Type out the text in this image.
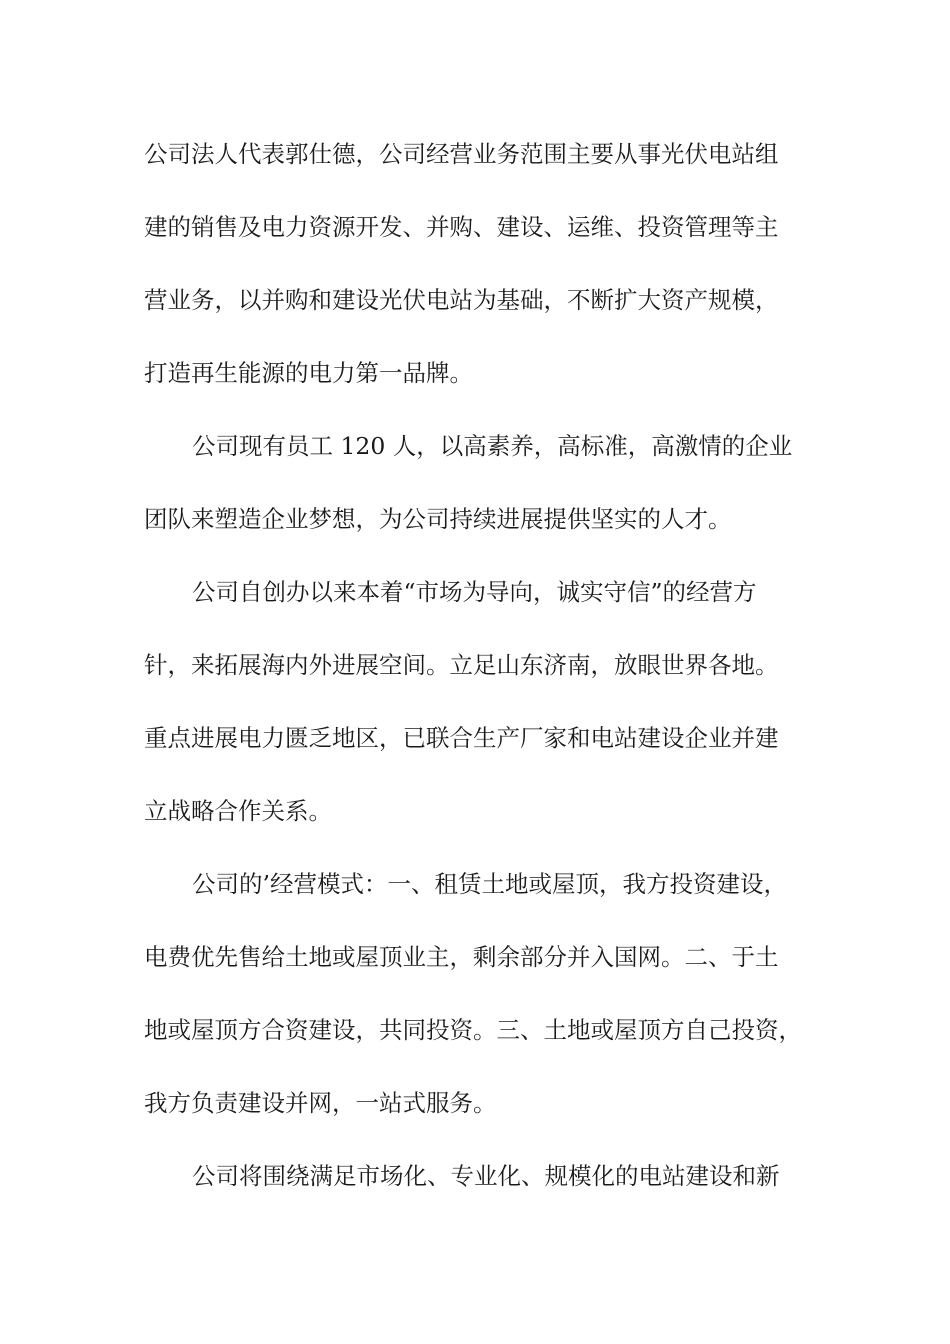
公司法人代表郭仕德，公司经营业务范围主要从事光伏电站组
建的销售及电力资源开发、并购、建设、运维、投资管理等主
营业务，以并购和建设光伏电站为基础，不断扩大资产规模，
打造再生能源的电力第一品牌。
公司现有员工 120 人，以高素养，高标准，高激情的企业
团队来塑造企业梦想，为公司持续进展提供坚实的人才。
公司自创办以来本着“市场为导向，诚实守信”的经营方
针，来拓展海内外进展空间。立足山东济南，放眼世界各地。
重点进展电力匮乏地区，已联合生产厂家和电站建设企业并建
立战略合作关系。
公司的’经营模式：一、租赁土地或屋顶，我方投资建设，
电费优先售给土地或屋顶业主，剩余部分并入国网。二、于土
地或屋顶方合资建设，共同投资。三、土地或屋顶方自己投资，
我方负责建设并网，一站式服务。
公司将围绕满足市场化、专业化、规模化的电站建设和新
